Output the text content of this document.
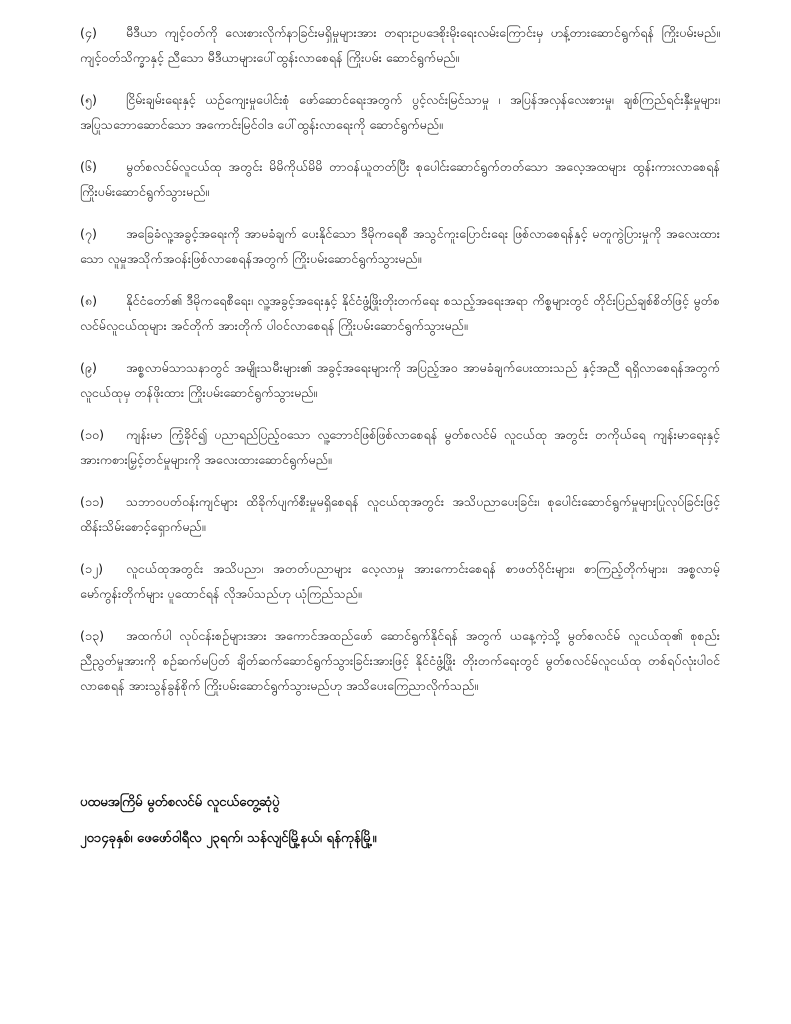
(၄) မီဒီယာ ကျင့်ဝတ်ကို လေးစားလိုက်နာခြင်းမရှိမှုများအား တရားဥပဒေစိုးမိုးရေးလမ်းကြောင်းမှ ဟန့်တားဆောင်ရွက်ရန် ကြိုးပမ်းမည်။ ကျင့်ဝတ်သိက္ခာနှင့် ညီသော မီဒီယာများပေါ်ထွန်းလာစေရန် ကြိုးပမ်း ဆောင်ရွက်မည်။

(၅) ငြိမ်းချမ်းရေးနှင့် ယဉ်ကျေးမှုပေါင်းစုံ ဖော်ဆောင်ရေးအတွက် ပွင့်လင်းမြင်သာမှု ၊ အပြန်အလှန်လေးစားမှု၊ ချစ်ကြည်ရင်းနှီးမှုများ၊ အပြုသဘောဆောင်သော အကောင်းမြင်ဝါဒ ပေါ်ထွန်းလာရေးကို ဆောင်ရွက်မည်။

(၆) မွတ်စလင်မ်လူငယ်ထု အတွင်း မိမိကိုယ်မိမိ တာဝန်ယူတတ်ပြီး စုပေါင်းဆောင်ရွက်တတ်သော အလေ့အထများ ထွန်းကားလာစေရန် ကြိုးပမ်းဆောင်ရွက်သွားမည်။

(၇) အခြေခံလူ့အခွင့်အရေးကို အာမခံချက် ပေးနိုင်သော ဒီမိုကရေစီ အသွင်ကူးပြောင်းရေး ဖြစ်လာစေရန်နှင့် မတူကွဲပြားမှုကို အလေးထားသော လူမှုအသိုက်အဝန်းဖြစ်လာစေရန်အတွက် ကြိုးပမ်းဆောင်ရွက်သွားမည်။

(၈) နိုင်ငံတော်၏ ဒီမိုကရေစီရေး၊ လူ့အခွင့်အရေးနှင့် နိုင်ငံဖွံ့ဖြိုးတိုးတက်ရေး စသည့်အရေးအရာ ကိစ္စများတွင် တိုင်းပြည်ချစ်စိတ်ဖြင့် မွတ်စလင်မ်လူငယ်ထုများ အင်တိုက် အားတိုက် ပါဝင်လာစေရန် ကြိုးပမ်းဆောင်ရွက်သွားမည်။

(၉) အစ္စလာမ်သာသနာတွင် အမျိုးသမီးများ၏ အခွင့်အရေးများကို အပြည့်အဝ အာမခံချက်ပေးထားသည် နှင့်အညီ ရရှိလာစေရန်အတွက် လူငယ်ထုမှ တန်ဖိုးထား ကြိုးပမ်းဆောင်ရွက်သွားမည်။

(၁၀) ကျန်းမာ ကြံ့ခိုင်၍ ပညာရည်ပြည့်ဝသော လူ့ဘောင်ဖြစ်ဖြစ်လာစေရန် မွတ်စလင်မ် လူငယ်ထု အတွင်း တကိုယ်ရေ ကျန်းမာရေးနှင့် အားကစားမြှင့်တင်မှုများကို အလေးထားဆောင်ရွက်မည်။

(၁၁) သဘာဝပတ်ဝန်းကျင်များ ထိခိုက်ပျက်စီးမှုမရှိစေရန် လူငယ်ထုအတွင်း အသိပညာပေးခြင်း၊ စုပေါင်းဆောင်ရွက်မှုများပြုလုပ်ခြင်းဖြင့် ထိန်းသိမ်းစောင့်ရှောက်မည်။

(၁၂) လူငယ်ထုအတွင်း အသိပညာ၊ အတတ်ပညာများ လေ့လာမှု အားကောင်းစေရန် စာဖတ်ဝိုင်းများ၊ စာကြည့်တိုက်များ၊ အစ္စလာမ့် မော်ကွန်းတိုက်များ ပူထောင်ရန် လိုအပ်သည်ဟု ယုံကြည်သည်။

(၁၃) အထက်ပါ လုပ်ငန်းစဉ်များအား အကောင်အထည်ဖော် ဆောင်ရွက်နိုင်ရန် အတွက် ယနေ့ကဲ့သို့ မွတ်စလင်မ် လူငယ်ထု၏ စုစည်းညီညွတ်မှုအားကို စဉ်ဆက်မပြတ် ချိတ်ဆက်ဆောင်ရွက်သွားခြင်းအားဖြင့် နိုင်ငံဖွံ့ဖြိုး တိုးတက်ရေးတွင် မွတ်စလင်မ်လူငယ်ထု တစ်ရပ်လုံးပါဝင်လာစေရန် အားသွန်ခွန်စိုက် ကြိုးပမ်းဆောင်ရွက်သွားမည်ဟု အသိပေးကြေညာလိုက်သည်။

ပထမအကြိမ် မွတ်စလင်မ် လူငယ်တွေ့ဆုံပွဲ
၂၀၁၄ခုနှစ်၊ ဖေဖော်ဝါရီလ ၂၃ရက်၊ သန်လျင်မြို့နယ်၊ ရန်ကုန်မြို့။
